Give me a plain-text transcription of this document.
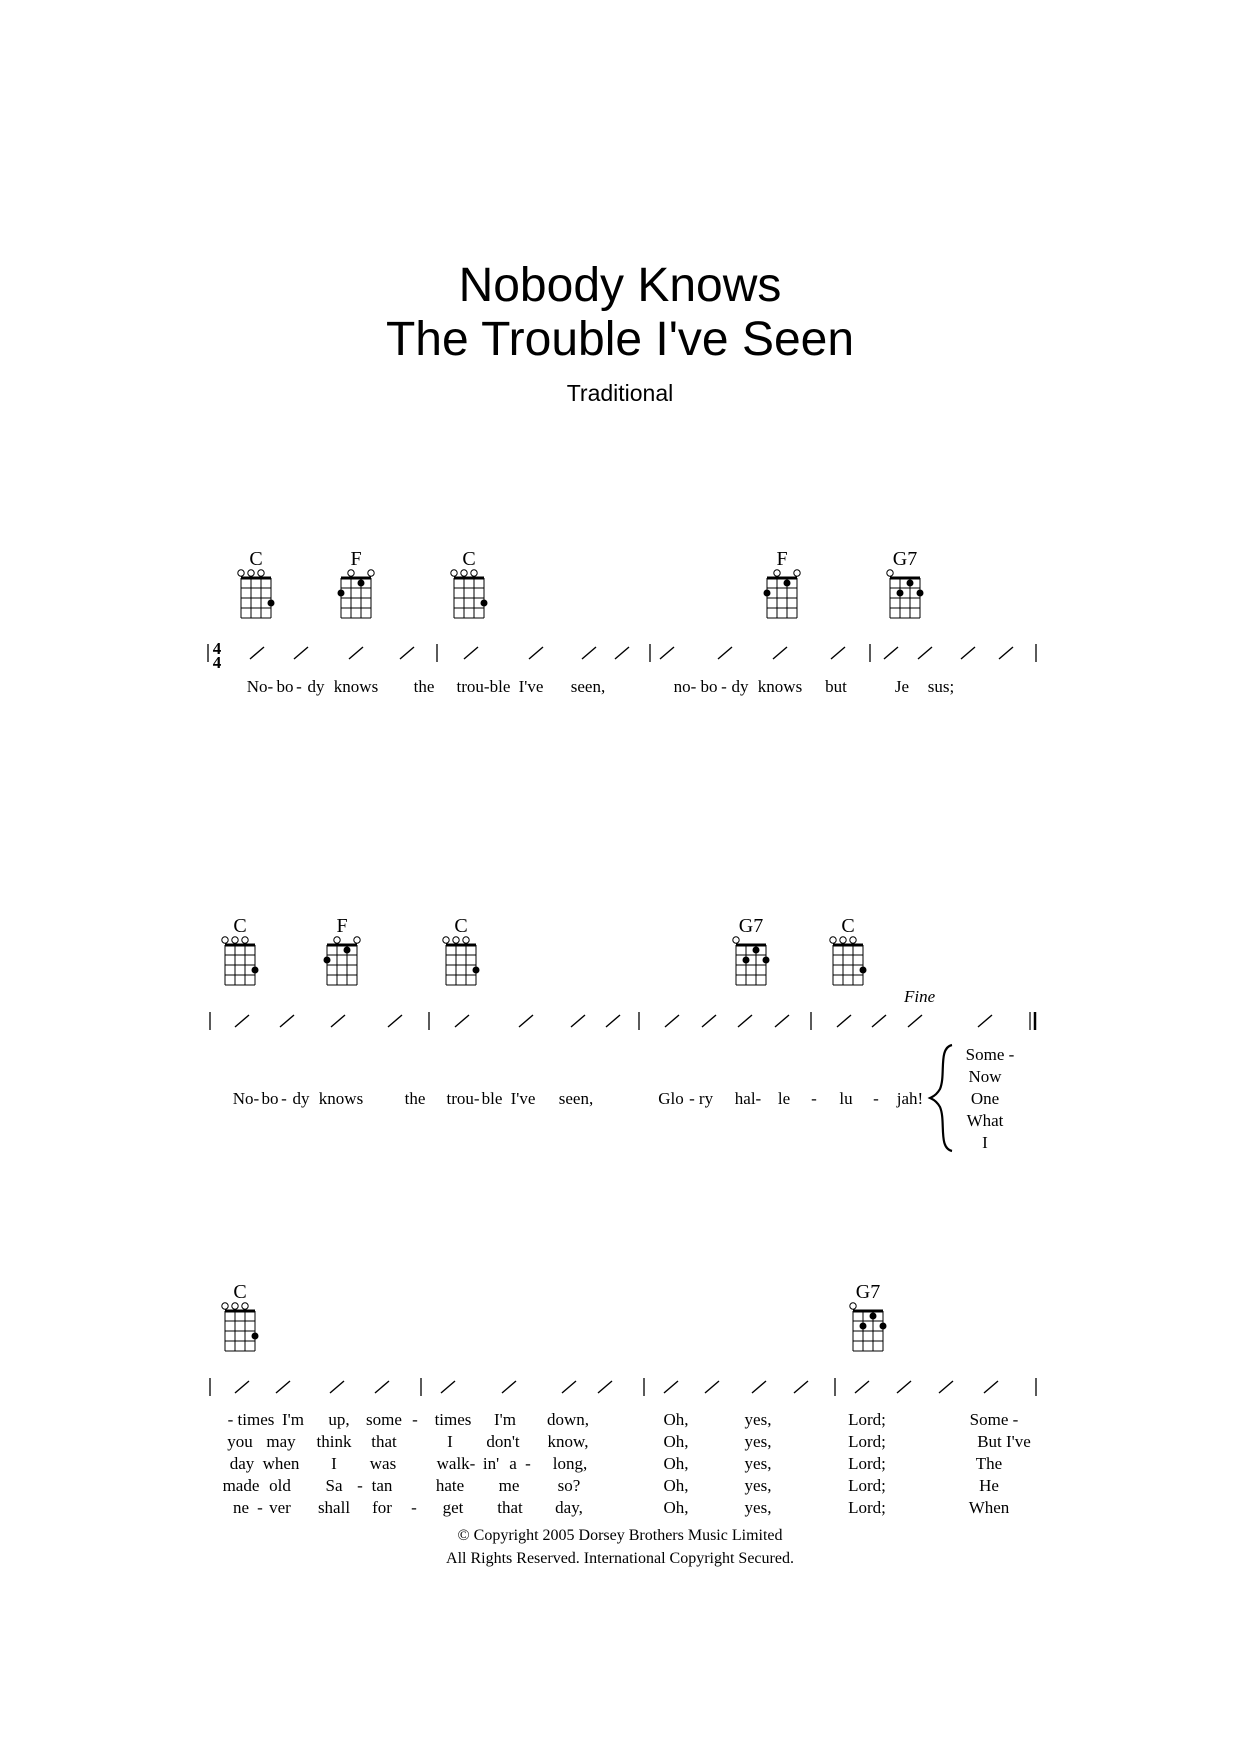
Nobody Knows
The Trouble I've Seen
Traditional
4
4
C	F	C	F	G7
C	F	C	G7	C
C	G7
Fine
No- bo - dy knows the trou- ble I've seen,	no- bo - dy knows but	Je sus;
No- bo - dy knows the trou- ble I've seen,	Glo - ry hal- le - lu - jah!
Some -
Now
One
What
I
- times I'm up, some - times I'm down,	Oh,	yes,	Lord;	Some -
you may think that	I don't know,	Oh,	yes,	Lord;	But I've
day when I was walk- in' a - long,	Oh,	yes,	Lord;	The
made old Sa - tan	hate me so?	Oh,	yes,	Lord;	He
ne - ver shall for - get that day,	Oh,	yes,	Lord;	When
© Copyright 2005 Dorsey Brothers Music Limited
All Rights Reserved. International Copyright Secured.
